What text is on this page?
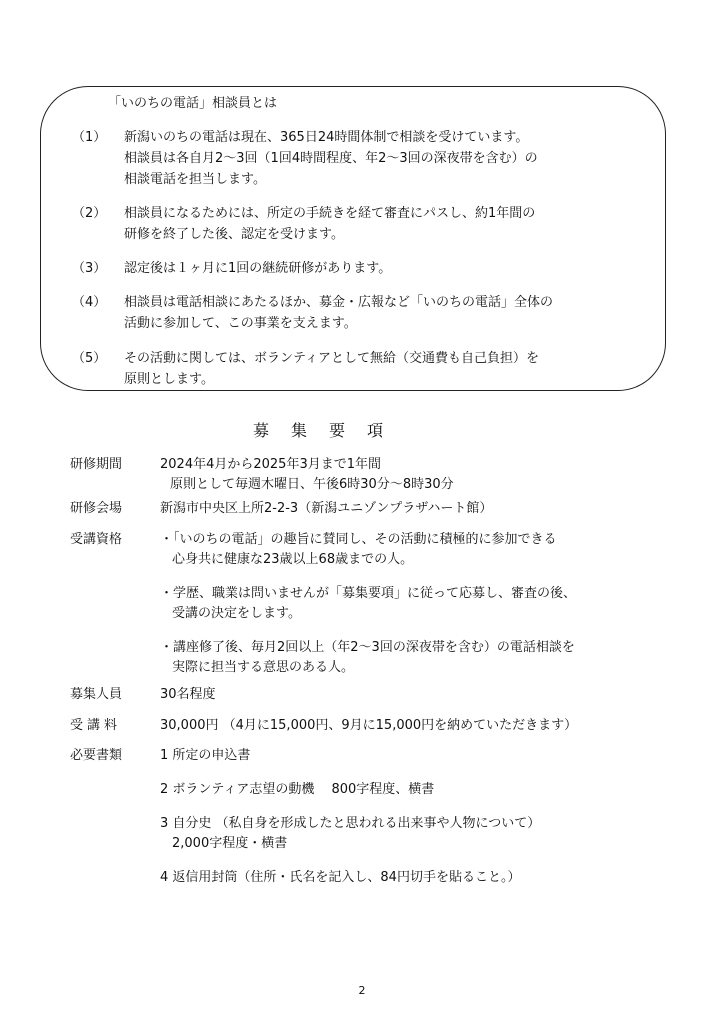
「いのちの電話」相談員とは
（1） 新潟いのちの電話は現在、365日24時間体制で相談を受けています。
相談員は各自月2～3回（1回4時間程度、年2～3回の深夜帯を含む）の
相談電話を担当します。
（2） 相談員になるためには、所定の手続きを経て審査にパスし、約1年間の
研修を終了した後、認定を受けます。
（3） 認定後は１ヶ月に1回の継続研修があります。
（4） 相談員は電話相談にあたるほか、募金・広報など「いのちの電話」全体の
活動に参加して、この事業を支えます。
（5） その活動に関しては、ボランティアとして無給（交通費も自己負担）を
原則とします。
募集要項
研修期間	2024年4月から2025年3月まで1年間
原則として毎週木曜日、午後6時30分～8時30分
研修会場	新潟市中央区上所2-2-3（新潟ユニゾンプラザハート館）
受講資格	・「いのちの電話」の趣旨に賛同し、その活動に積極的に参加できる
心身共に健康な23歳以上68歳までの人。
・学歴、職業は問いませんが「募集要項」に従って応募し、審査の後、
受講の決定をします。
・講座修了後、毎月2回以上（年2～3回の深夜帯を含む）の電話相談を
実際に担当する意思のある人。
募集人員	30名程度
受講料	30,000円 （4月に15,000円、9月に15,000円を納めていただきます）
必要書類	1 所定の申込書
2 ボランティア志望の動機　 800字程度、横書
3 自分史 （私自身を形成したと思われる出来事や人物について）
2,000字程度・横書
4 返信用封筒（住所・氏名を記入し、84円切手を貼ること。）
2
